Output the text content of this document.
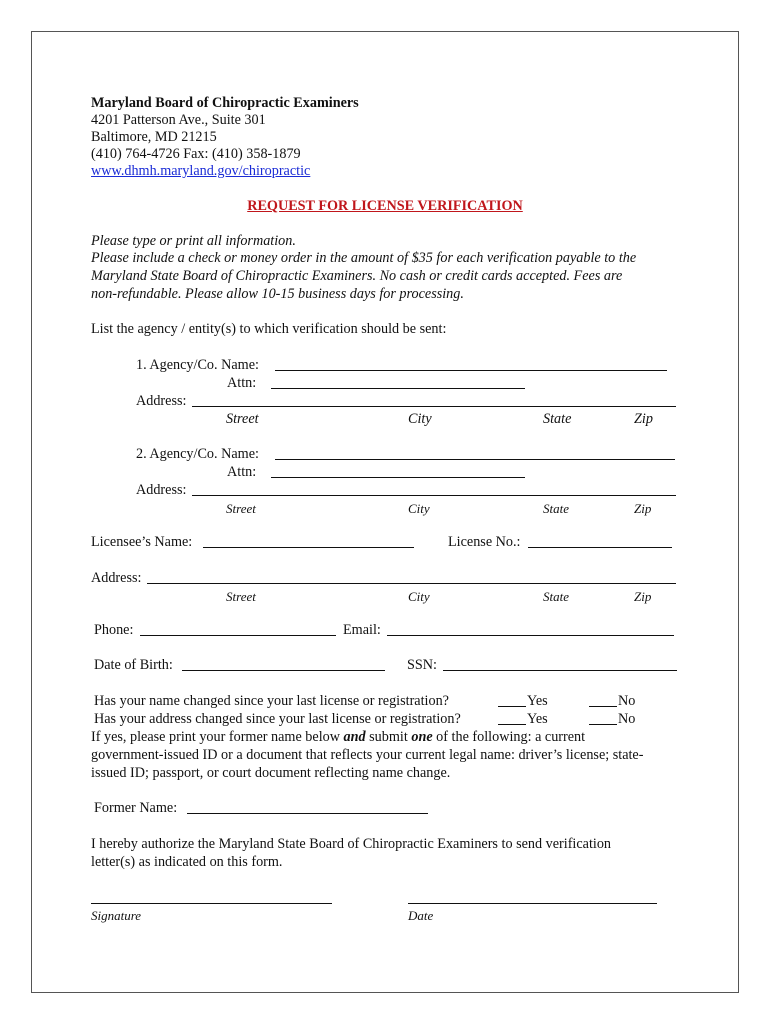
Maryland Board of Chiropractic Examiners
4201 Patterson Ave., Suite 301
Baltimore, MD 21215
(410) 764-4726 Fax: (410) 358-1879
www.dhmh.maryland.gov/chiropractic
REQUEST FOR LICENSE VERIFICATION
Please type or print all information.
Please include a check or money order in the amount of $35 for each verification payable to the
Maryland State Board of Chiropractic Examiners. No cash or credit cards accepted. Fees are
non-refundable. Please allow 10-15 business days for processing.
List the agency / entity(s) to which verification should be sent:
1. Agency/Co. Name:
Attn:
Address:
Street	City	State	Zip
2. Agency/Co. Name:
Attn:
Address:
Street	City	State	Zip
Licensee’s Name:	License No.:
Address:
Street	City	State	Zip
Phone:	Email:
Date of Birth:	SSN:
Has your name changed since your last license or registration?	Yes	No
Has your address changed since your last license or registration?	Yes	No
If yes, please print your former name below and submit one of the following: a current
government-issued ID or a document that reflects your current legal name: driver’s license; state-
issued ID; passport, or court document reflecting name change.
Former Name:
I hereby authorize the Maryland State Board of Chiropractic Examiners to send verification
letter(s) as indicated on this form.
Signature	Date
